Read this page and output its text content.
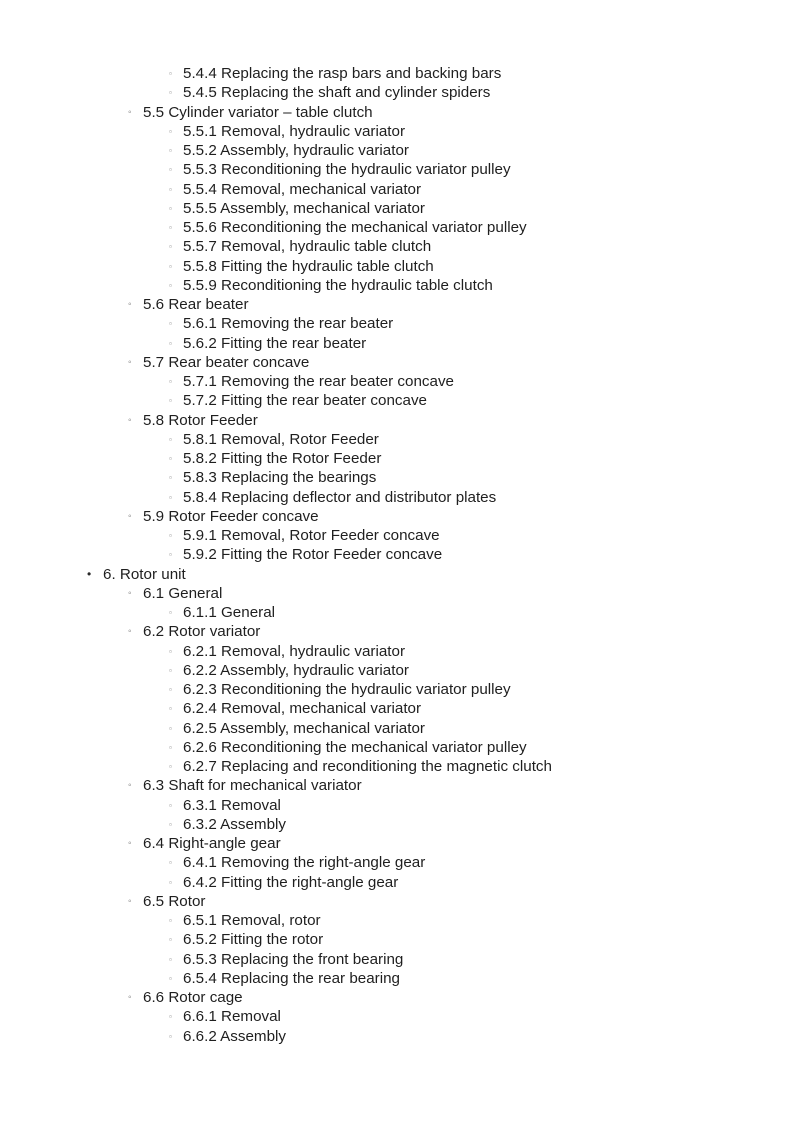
▫ 5.4.4 Replacing the rasp bars and backing bars
▫ 5.4.5 Replacing the shaft and cylinder spiders
◦ 5.5 Cylinder variator – table clutch
▫ 5.5.1 Removal, hydraulic variator
▫ 5.5.2 Assembly, hydraulic variator
▫ 5.5.3 Reconditioning the hydraulic variator pulley
▫ 5.5.4 Removal, mechanical variator
▫ 5.5.5 Assembly, mechanical variator
▫ 5.5.6 Reconditioning the mechanical variator pulley
▫ 5.5.7 Removal, hydraulic table clutch
▫ 5.5.8 Fitting the hydraulic table clutch
▫ 5.5.9 Reconditioning the hydraulic table clutch
◦ 5.6 Rear beater
▫ 5.6.1 Removing the rear beater
▫ 5.6.2 Fitting the rear beater
◦ 5.7 Rear beater concave
▫ 5.7.1 Removing the rear beater concave
▫ 5.7.2 Fitting the rear beater concave
◦ 5.8 Rotor Feeder
▫ 5.8.1 Removal, Rotor Feeder
▫ 5.8.2 Fitting the Rotor Feeder
▫ 5.8.3 Replacing the bearings
▫ 5.8.4 Replacing deflector and distributor plates
◦ 5.9 Rotor Feeder concave
▫ 5.9.1 Removal, Rotor Feeder concave
▫ 5.9.2 Fitting the Rotor Feeder concave
• 6. Rotor unit
◦ 6.1 General
▫ 6.1.1 General
◦ 6.2 Rotor variator
▫ 6.2.1 Removal, hydraulic variator
▫ 6.2.2 Assembly, hydraulic variator
▫ 6.2.3 Reconditioning the hydraulic variator pulley
▫ 6.2.4 Removal, mechanical variator
▫ 6.2.5 Assembly, mechanical variator
▫ 6.2.6 Reconditioning the mechanical variator pulley
▫ 6.2.7 Replacing and reconditioning the magnetic clutch
◦ 6.3 Shaft for mechanical variator
▫ 6.3.1 Removal
▫ 6.3.2 Assembly
◦ 6.4 Right-angle gear
▫ 6.4.1 Removing the right-angle gear
▫ 6.4.2 Fitting the right-angle gear
◦ 6.5 Rotor
▫ 6.5.1 Removal, rotor
▫ 6.5.2 Fitting the rotor
▫ 6.5.3 Replacing the front bearing
▫ 6.5.4 Replacing the rear bearing
◦ 6.6 Rotor cage
▫ 6.6.1 Removal
▫ 6.6.2 Assembly
